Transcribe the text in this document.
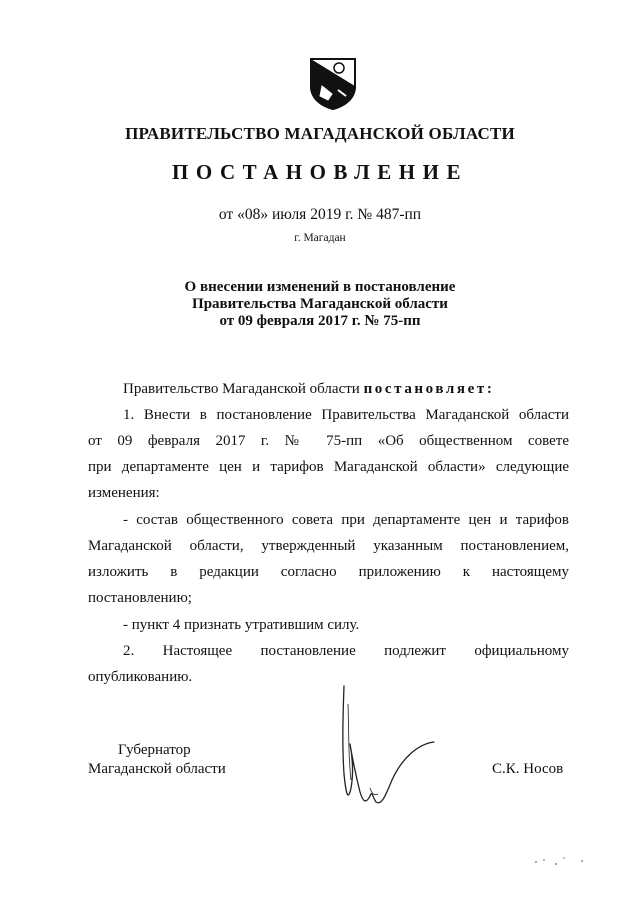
ПРАВИТЕЛЬСТВО МАГАДАНСКОЙ ОБЛАСТИ
ПОСТАНОВЛЕНИЕ
от «08» июля 2019 г. № 487-пп
г. Магадан
О внесении изменений в постановление
Правительства Магаданской области
от 09 февраля 2017 г. № 75-пп
Правительство Магаданской области постановляет:
1. Внести в постановление Правительства Магаданской области
от 09 февраля 2017 г. № 75-пп «Об общественном совете
при департаменте цен и тарифов Магаданской области» следующие
изменения:
- состав общественного совета при департаменте цен и тарифов
Магаданской области, утвержденный указанным постановлением,
изложить в редакции согласно приложению к настоящему
постановлению;
- пункт 4 признать утратившим силу.
2. Настоящее постановление подлежит официальному
опубликованию.
Губернатор
Магаданской области	С.К. Носов
